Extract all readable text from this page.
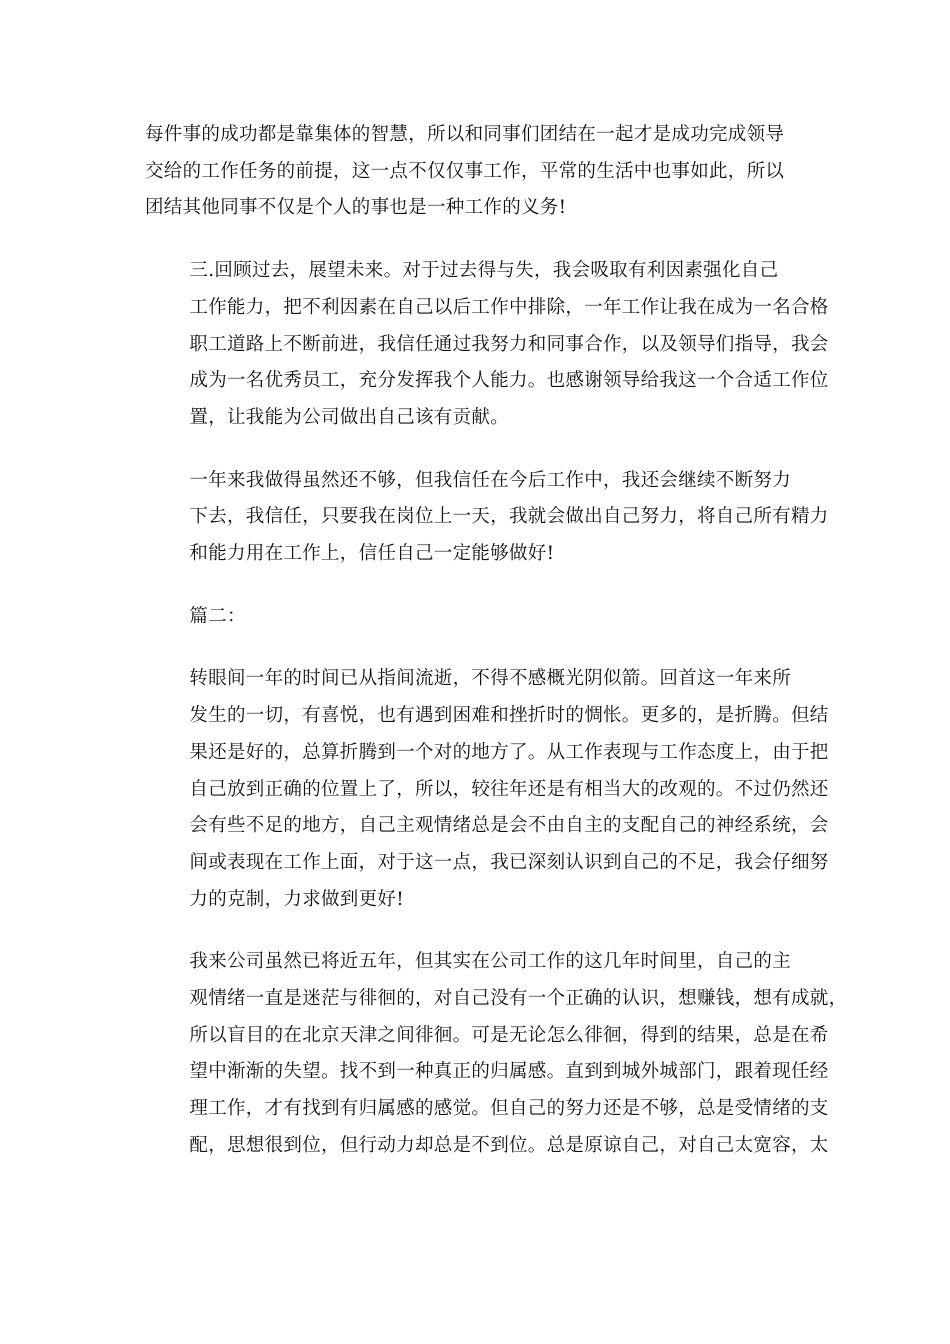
每件事的成功都是靠集体的智慧，所以和同事们团结在一起才是成功完成领导
交给的工作任务的前提，这一点不仅仅事工作，平常的生活中也事如此，所以
团结其他同事不仅是个人的事也是一种工作的义务!

三.回顾过去，展望未来。对于过去得与失，我会吸取有利因素强化自己
工作能力，把不利因素在自己以后工作中排除，一年工作让我在成为一名合格
职工道路上不断前进，我信任通过我努力和同事合作，以及领导们指导，我会
成为一名优秀员工，充分发挥我个人能力。也感谢领导给我这一个合适工作位
置，让我能为公司做出自己该有贡献。

一年来我做得虽然还不够，但我信任在今后工作中，我还会继续不断努力
下去，我信任，只要我在岗位上一天，我就会做出自己努力，将自己所有精力
和能力用在工作上，信任自己一定能够做好!

篇二：

转眼间一年的时间已从指间流逝，不得不感概光阴似箭。回首这一年来所
发生的一切，有喜悦，也有遇到困难和挫折时的惆怅。更多的，是折腾。但结
果还是好的，总算折腾到一个对的地方了。从工作表现与工作态度上，由于把
自己放到正确的位置上了，所以，较往年还是有相当大的改观的。不过仍然还
会有些不足的地方，自己主观情绪总是会不由自主的支配自己的神经系统，会
间或表现在工作上面，对于这一点，我已深刻认识到自己的不足，我会仔细努
力的克制，力求做到更好!

我来公司虽然已将近五年，但其实在公司工作的这几年时间里，自己的主
观情绪一直是迷茫与徘徊的，对自己没有一个正确的认识，想赚钱，想有成就，
所以盲目的在北京天津之间徘徊。可是无论怎么徘徊，得到的结果，总是在希
望中渐渐的失望。找不到一种真正的归属感。直到到城外城部门，跟着现任经
理工作，才有找到有归属感的感觉。但自己的努力还是不够，总是受情绪的支
配，思想很到位，但行动力却总是不到位。总是原谅自己，对自己太宽容，太
